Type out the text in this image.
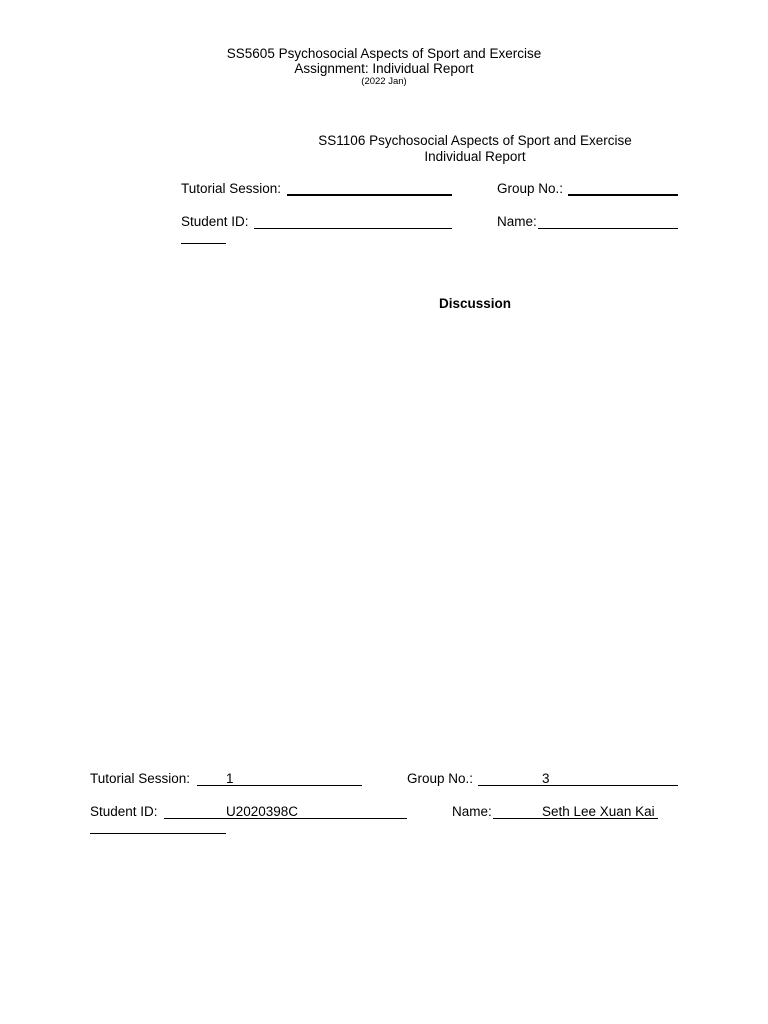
SS5605 Psychosocial Aspects of Sport and Exercise
Assignment: Individual Report
(2022 Jan)
SS1106 Psychosocial Aspects of Sport and Exercise
Individual Report
Tutorial Session:	Group No.:
Student ID:	Name:
Discussion
Tutorial Session:	1	Group No.:	3
Student ID:	U2020398C	Name:	Seth Lee Xuan Kai
